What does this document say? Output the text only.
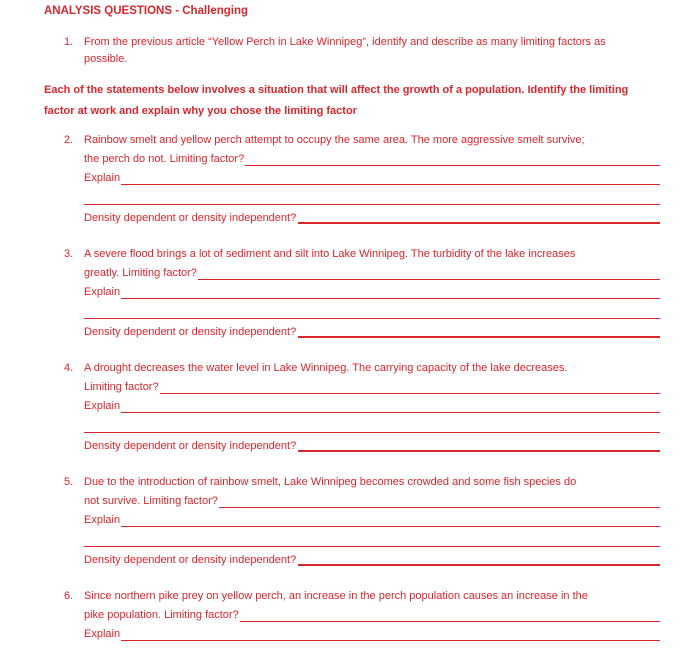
ANALYSIS QUESTIONS - Challenging
1. From the previous article “Yellow Perch in Lake Winnipeg”, identify and describe as many limiting factors as possible.
Each of the statements below involves a situation that will affect the growth of a population. Identify the limiting factor at work and explain why you chose the limiting factor
2. Rainbow smelt and yellow perch attempt to occupy the same area. The more aggressive smelt survive;
the perch do not. Limiting factor?
Explain
Density dependent or density independent?
3. A severe flood brings a lot of sediment and silt into Lake Winnipeg. The turbidity of the lake increases
greatly. Limiting factor?
Explain
Density dependent or density independent?
4. A drought decreases the water level in Lake Winnipeg. The carrying capacity of the lake decreases.
Limiting factor?
Explain
Density dependent or density independent?
5. Due to the introduction of rainbow smelt, Lake Winnipeg becomes crowded and some fish species do
not survive. Limiting factor?
Explain
Density dependent or density independent?
6. Since northern pike prey on yellow perch, an increase in the perch population causes an increase in the
pike population. Limiting factor?
Explain
